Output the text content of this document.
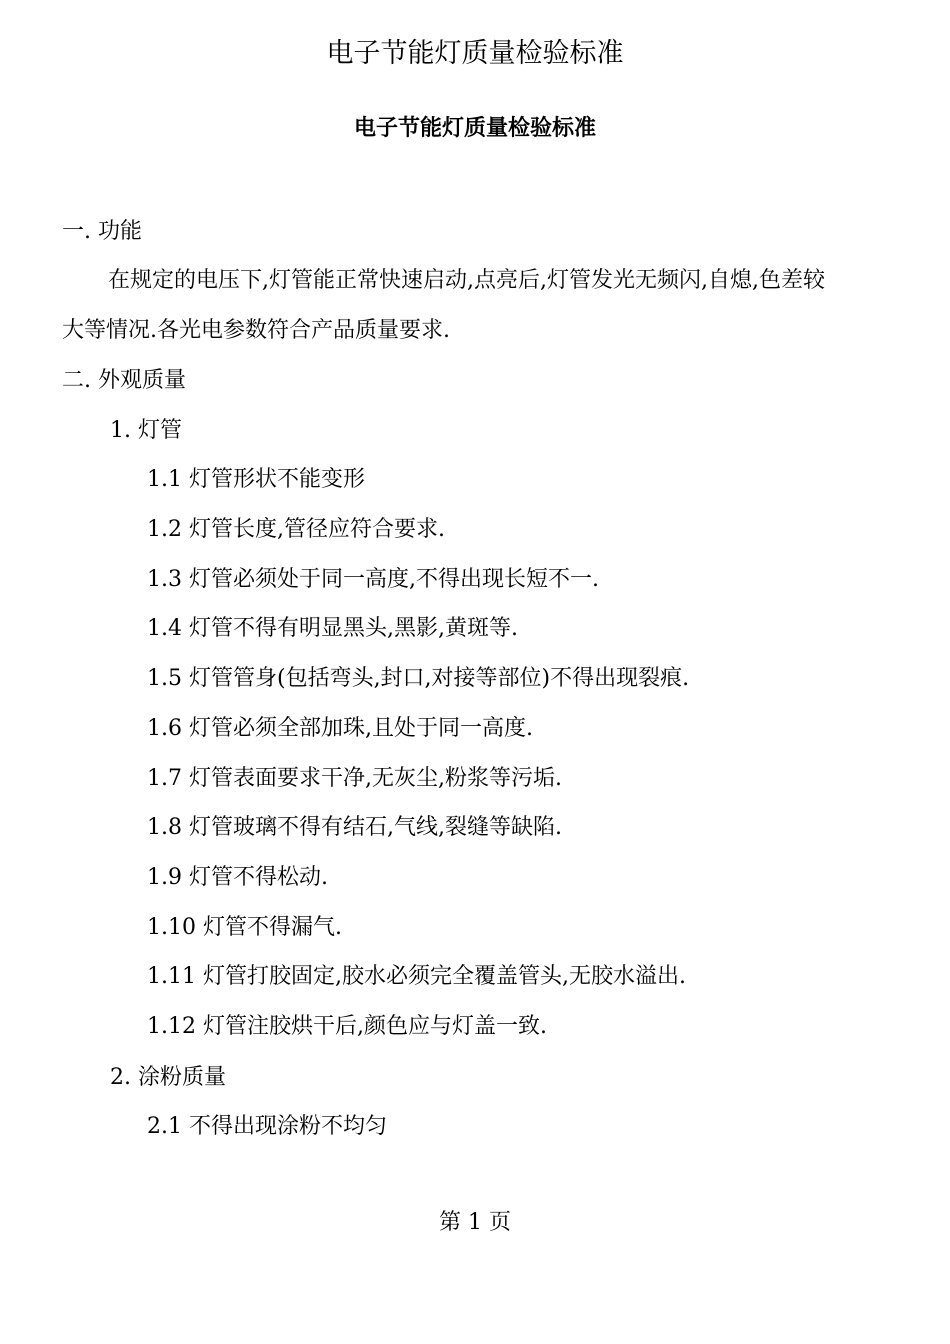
电子节能灯质量检验标准
电子节能灯质量检验标准
一. 功能
在规定的电压下,灯管能正常快速启动,点亮后,灯管发光无频闪,自熄,色差较
大等情况.各光电参数符合产品质量要求.
二. 外观质量
1. 灯管
1.1 灯管形状不能变形
1.2 灯管长度,管径应符合要求.
1.3 灯管必须处于同一高度,不得出现长短不一.
1.4 灯管不得有明显黑头,黑影,黄斑等.
1.5 灯管管身(包括弯头,封口,对接等部位)不得出现裂痕.
1.6 灯管必须全部加珠,且处于同一高度.
1.7 灯管表面要求干净,无灰尘,粉浆等污垢.
1.8 灯管玻璃不得有结石,气线,裂缝等缺陷.
1.9 灯管不得松动.
1.10 灯管不得漏气.
1.11 灯管打胶固定,胶水必须完全覆盖管头,无胶水溢出.
1.12 灯管注胶烘干后,颜色应与灯盖一致.
2. 涂粉质量
2.1 不得出现涂粉不均匀
第 1 页
